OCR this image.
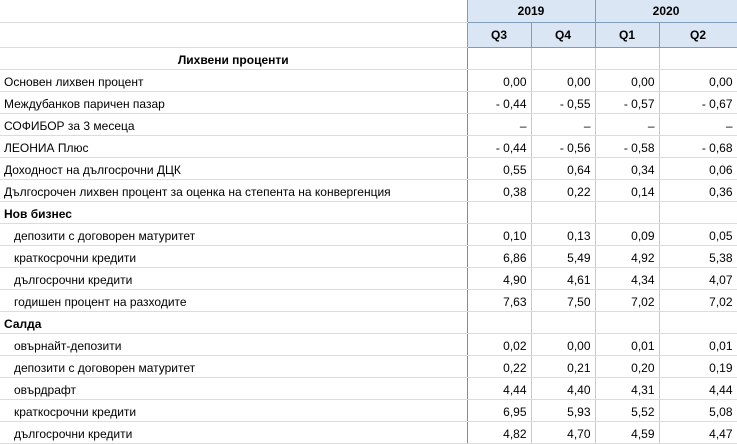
	2019		2020	
	Q3	Q4	Q1	Q2
Лихвени проценти				
Основен лихвен процент	0,00	0,00	0,00	0,00
Междубанков паричен пазар	- 0,44	- 0,55	- 0,57	- 0,67
СОФИБОР за 3 месеца	–	–	–	–
ЛЕОНИА Плюс	- 0,44	- 0,56	- 0,58	- 0,68
Доходност на дългосрочни ДЦК	0,55	0,64	0,34	0,06
Дългосрочен лихвен процент за оценка на степента на конвергенция	0,38	0,22	0,14	0,36
Нов бизнес				
депозити с договорен матуритет	0,10	0,13	0,09	0,05
краткосрочни кредити	6,86	5,49	4,92	5,38
дългосрочни кредити	4,90	4,61	4,34	4,07
годишен процент на разходите	7,63	7,50	7,02	7,02
Салда				
овърнайт-депозити	0,02	0,00	0,01	0,01
депозити с договорен матуритет	0,22	0,21	0,20	0,19
овърдрафт	4,44	4,40	4,31	4,44
краткосрочни кредити	6,95	5,93	5,52	5,08
дългосрочни кредити	4,82	4,70	4,59	4,47
